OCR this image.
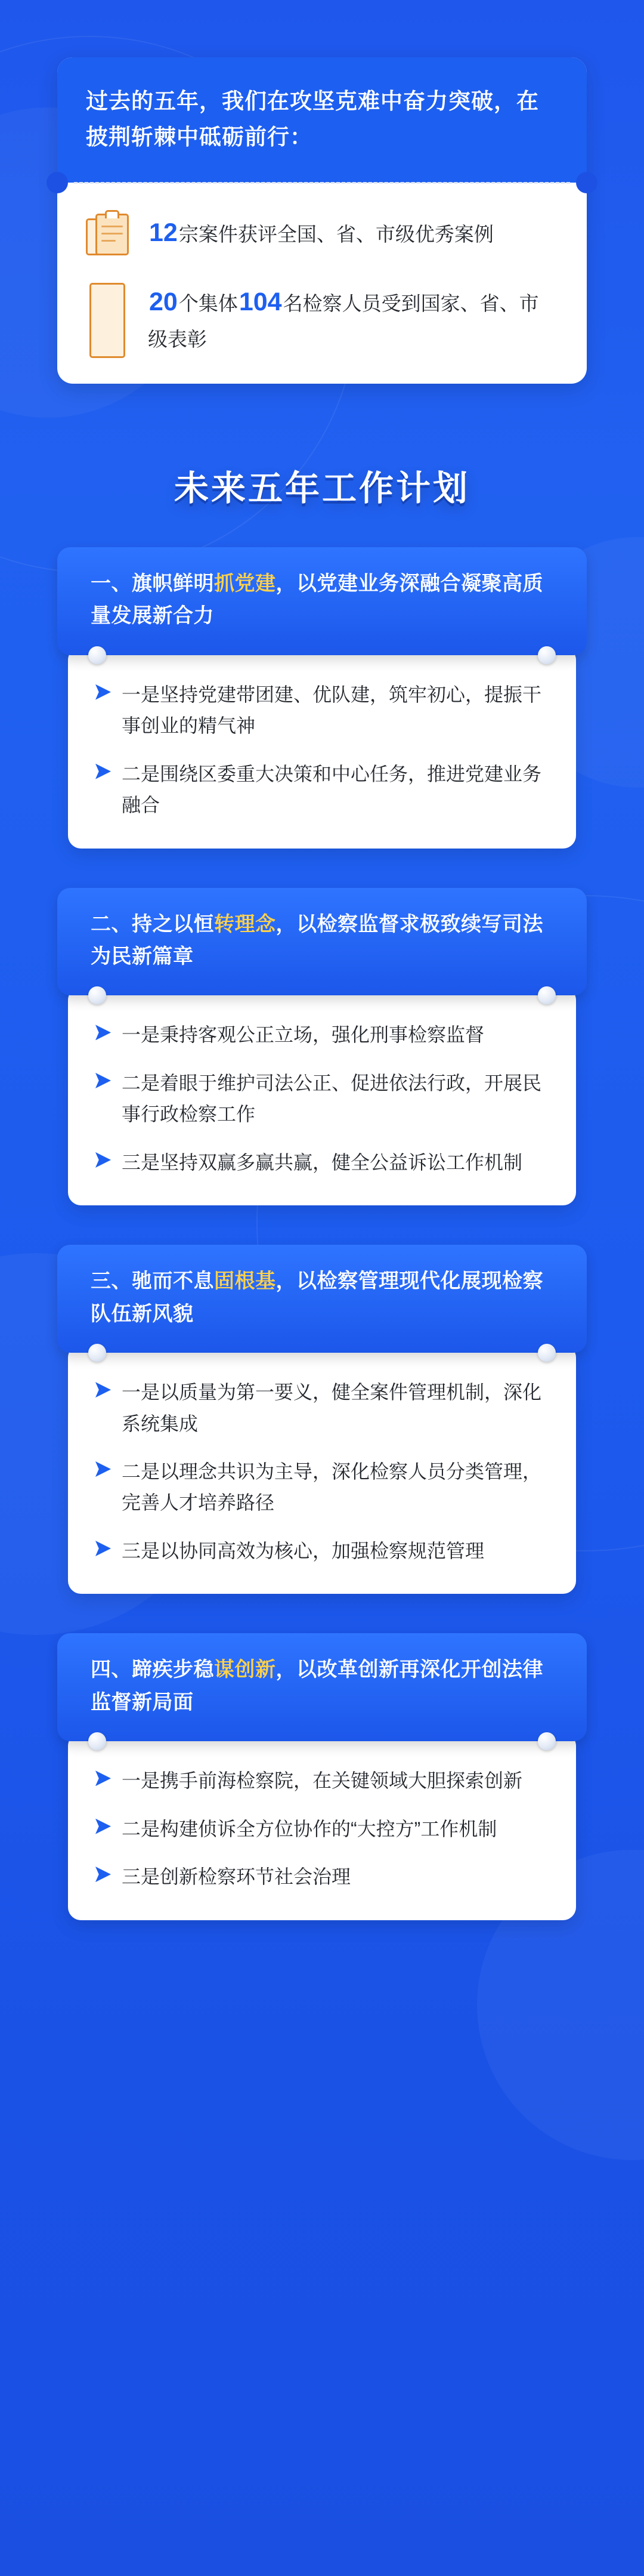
过去的五年，我们在攻坚克难中奋力突破，在披荆斩棘中砥砺前行：
12宗案件获评全国、省、市级优秀案例
20个集体104名检察人员受到国家、省、市级表彰
未来五年工作计划
一、旗帜鲜明抓党建，以党建业务深融合凝聚高质量发展新合力
一是坚持党建带团建、优队建，筑牢初心，提振干事创业的精气神
二是围绕区委重大决策和中心任务，推进党建业务融合
二、持之以恒转理念，以检察监督求极致续写司法为民新篇章
一是秉持客观公正立场，强化刑事检察监督
二是着眼于维护司法公正、促进依法行政，开展民事行政检察工作
三是坚持双赢多赢共赢，健全公益诉讼工作机制
三、驰而不息固根基，以检察管理现代化展现检察队伍新风貌
一是以质量为第一要义，健全案件管理机制，深化系统集成
二是以理念共识为主导，深化检察人员分类管理，完善人才培养路径
三是以协同高效为核心，加强检察规范管理
四、蹄疾步稳谋创新，以改革创新再深化开创法律监督新局面
一是携手前海检察院，在关键领域大胆探索创新
二是构建侦诉全方位协作的“大控方”工作机制
三是创新检察环节社会治理
